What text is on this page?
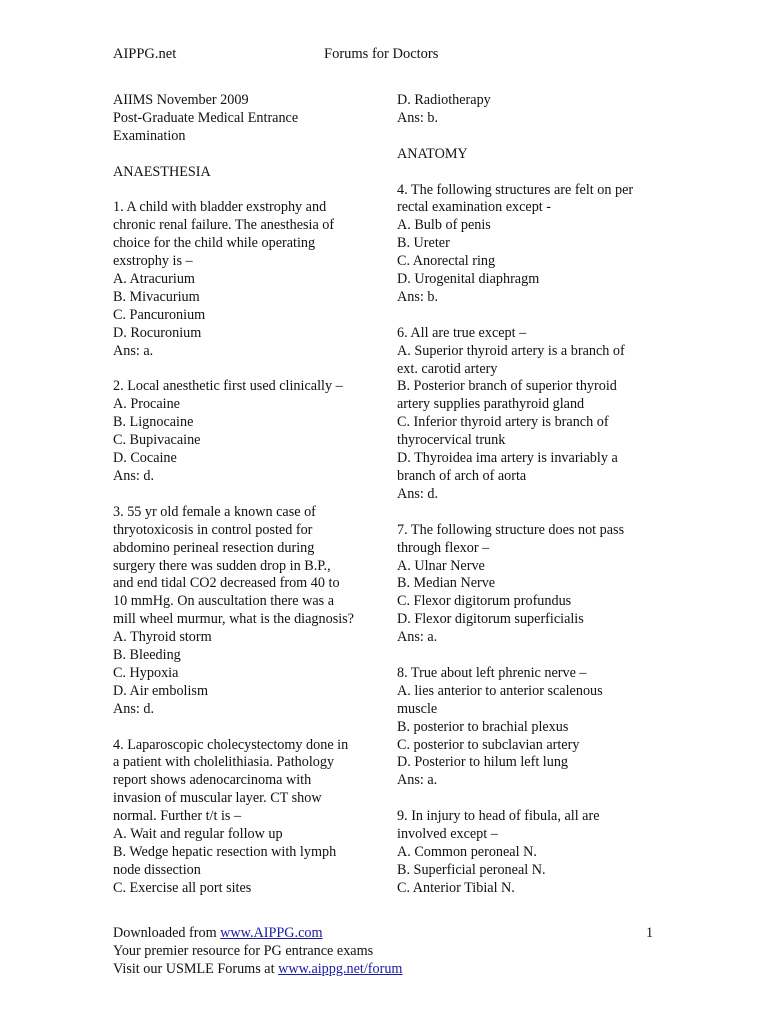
AIPPG.net	Forums for Doctors
AIIMS November 2009
Post-Graduate Medical Entrance
Examination
ANAESTHESIA
1. A child with bladder exstrophy and
chronic renal failure. The anesthesia of
choice for the child while operating
exstrophy is –
A. Atracurium
B. Mivacurium
C. Pancuronium
D. Rocuronium
Ans: a.
2. Local anesthetic first used clinically –
A. Procaine
B. Lignocaine
C. Bupivacaine
D. Cocaine
Ans: d.
3. 55 yr old female a known case of
thryotoxicosis in control posted for
abdomino perineal resection during
surgery there was sudden drop in B.P.,
and end tidal CO2 decreased from 40 to
10 mmHg. On auscultation there was a
mill wheel murmur, what is the diagnosis?
A. Thyroid storm
B. Bleeding
C. Hypoxia
D. Air embolism
Ans: d.
4. Laparoscopic cholecystectomy done in
a patient with cholelithiasia. Pathology
report shows adenocarcinoma with
invasion of muscular layer. CT show
normal. Further t/t is –
A. Wait and regular follow up
B. Wedge hepatic resection with lymph
node dissection
C. Exercise all port sites
D. Radiotherapy
Ans: b.
ANATOMY
4. The following structures are felt on per
rectal examination except -
A. Bulb of penis
B. Ureter
C. Anorectal ring
D. Urogenital diaphragm
Ans: b.
6. All are true except –
A. Superior thyroid artery is a branch of
ext. carotid artery
B. Posterior branch of superior thyroid
artery supplies parathyroid gland
C. Inferior thyroid artery is branch of
thyrocervical trunk
D. Thyroidea ima artery is invariably a
branch of arch of aorta
Ans: d.
7. The following structure does not pass
through flexor –
A. Ulnar Nerve
B. Median Nerve
C. Flexor digitorum profundus
D. Flexor digitorum superficialis
Ans: a.
8. True about left phrenic nerve –
A. lies anterior to anterior scalenous
muscle
B. posterior to brachial plexus
C. posterior to subclavian artery
D. Posterior to hilum left lung
Ans: a.
9. In injury to head of fibula, all are
involved except –
A. Common peroneal N.
B. Superficial peroneal N.
C. Anterior Tibial N.
Downloaded from www.AIPPG.com
Your premier resource for PG entrance exams
Visit our USMLE Forums at www.aippg.net/forum
1
